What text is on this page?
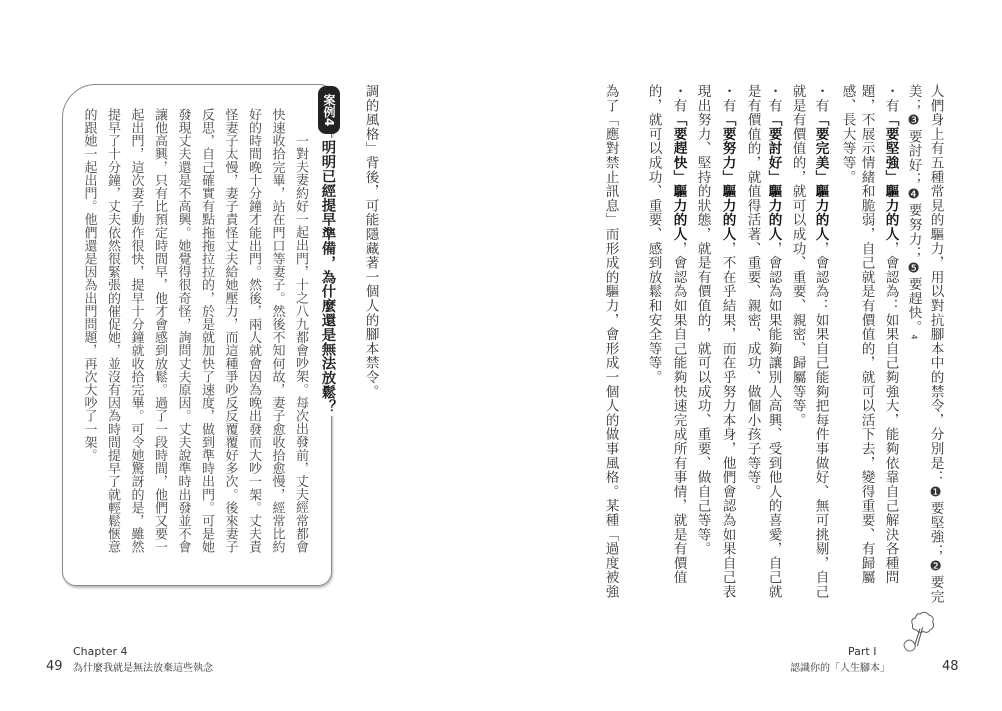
人們身上有五種常見的驅力，用以對抗腳本中的禁令，分別是：❶要堅強；❷要完
美；❸要討好；❹要努力；❺要趕快。4
・有「要堅強」驅力的人，會認為：如果自己夠強大，能夠依靠自己解決各種問
題，不展示情緒和脆弱，自己就是有價值的，就可以活下去，變得重要、有歸屬
感、長大等等。
・有「要完美」驅力的人，會認為：如果自己能夠把每件事做好、無可挑剔，自己
就是有價值的，就可以成功、重要、親密、歸屬等等。
・有「要討好」驅力的人，會認為如果能夠讓別人高興、受到他人的喜愛，自己就
是有價值的，就值得活著、重要、親密、成功、做個小孩子等等。
・有「要努力」驅力的人，不在乎結果，而在乎努力本身，他們會認為如果自己表
現出努力、堅持的狀態，就是有價值的，就可以成功、重要、做自己等等。
・有「要趕快」驅力的人，會認為如果自己能夠快速完成所有事情，就是有價值
的，就可以成功、重要、感到放鬆和安全等等。
為了「應對禁止訊息」而形成的驅力，會形成一個人的做事風格。某種「過度被強
調的風格」背後，可能隱藏著一個人的腳本禁令。
案例4
明明已經提早準備，為什麼還是無法放鬆？
一對夫妻約好一起出門，十之八九都會吵架。每次出發前，丈夫經常都會
快速收拾完畢，站在門口等妻子。然後不知何故，妻子愈收拾愈慢，經常比約
好的時間晚十分鐘才能出門。然後，兩人就會因為晚出發而大吵一架。丈夫責
怪妻子太慢，妻子責怪丈夫給她壓力，而這種爭吵反反覆覆好多次。後來妻子
反思，自己確實有點拖拖拉拉的，於是就加快了速度，做到準時出門。可是她
發現丈夫還是不高興。她覺得很奇怪，詢問丈夫原因。丈夫說準時出發並不會
讓他高興，只有比預定時間早，他才會感到放鬆。過了一段時間，他們又要一
起出門，這次妻子動作很快，提早十分鐘就收拾完畢。可令她驚訝的是，雖然
提早了十分鐘，丈夫依然很緊張的催促她，並沒有因為時間提早了就輕鬆愜意
的跟她一起出門。他們還是因為出門問題，再次大吵了一架。
49
Chapter 4
為什麼我就是無法放棄這些執念
Part I
認識你的「人生腳本」	48
